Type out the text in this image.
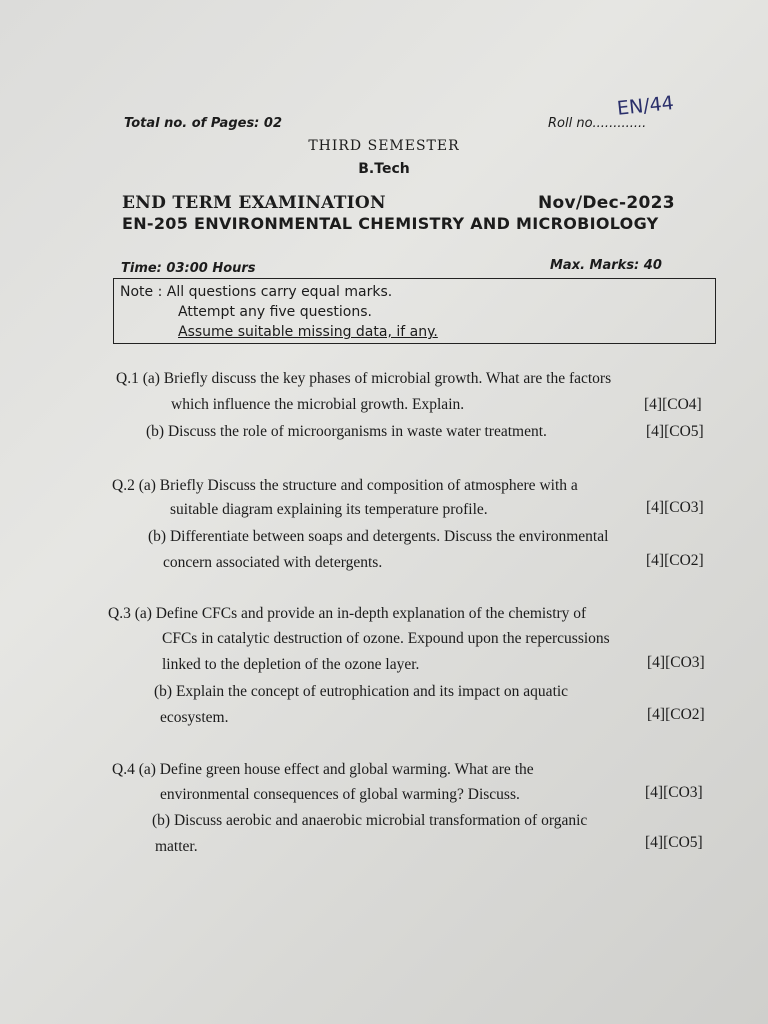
Total no. of Pages: 02	Roll no.............
EN/44
THIRD SEMESTER
B.Tech
END TERM EXAMINATION	Nov/Dec-2023
EN-205 ENVIRONMENTAL CHEMISTRY AND MICROBIOLOGY
Time: 03:00 Hours	Max. Marks: 40
Note : All questions carry equal marks.
Attempt any five questions.
Assume suitable missing data, if any.
Q.1 (a) Briefly discuss the key phases of microbial growth. What are the factors
which influence the microbial growth. Explain.	[4][CO4]
(b) Discuss the role of microorganisms in waste water treatment.	[4][CO5]
Q.2 (a) Briefly Discuss the structure and composition of atmosphere with a
suitable diagram explaining its temperature profile.	[4][CO3]
(b) Differentiate between soaps and detergents. Discuss the environmental
concern associated with detergents.	[4][CO2]
Q.3 (a) Define CFCs and provide an in-depth explanation of the chemistry of
CFCs in catalytic destruction of ozone. Expound upon the repercussions
linked to the depletion of the ozone layer.	[4][CO3]
(b) Explain the concept of eutrophication and its impact on aquatic
ecosystem.	[4][CO2]
Q.4 (a) Define green house effect and global warming. What are the
environmental consequences of global warming? Discuss.	[4][CO3]
(b) Discuss aerobic and anaerobic microbial transformation of organic
matter.	[4][CO5]
